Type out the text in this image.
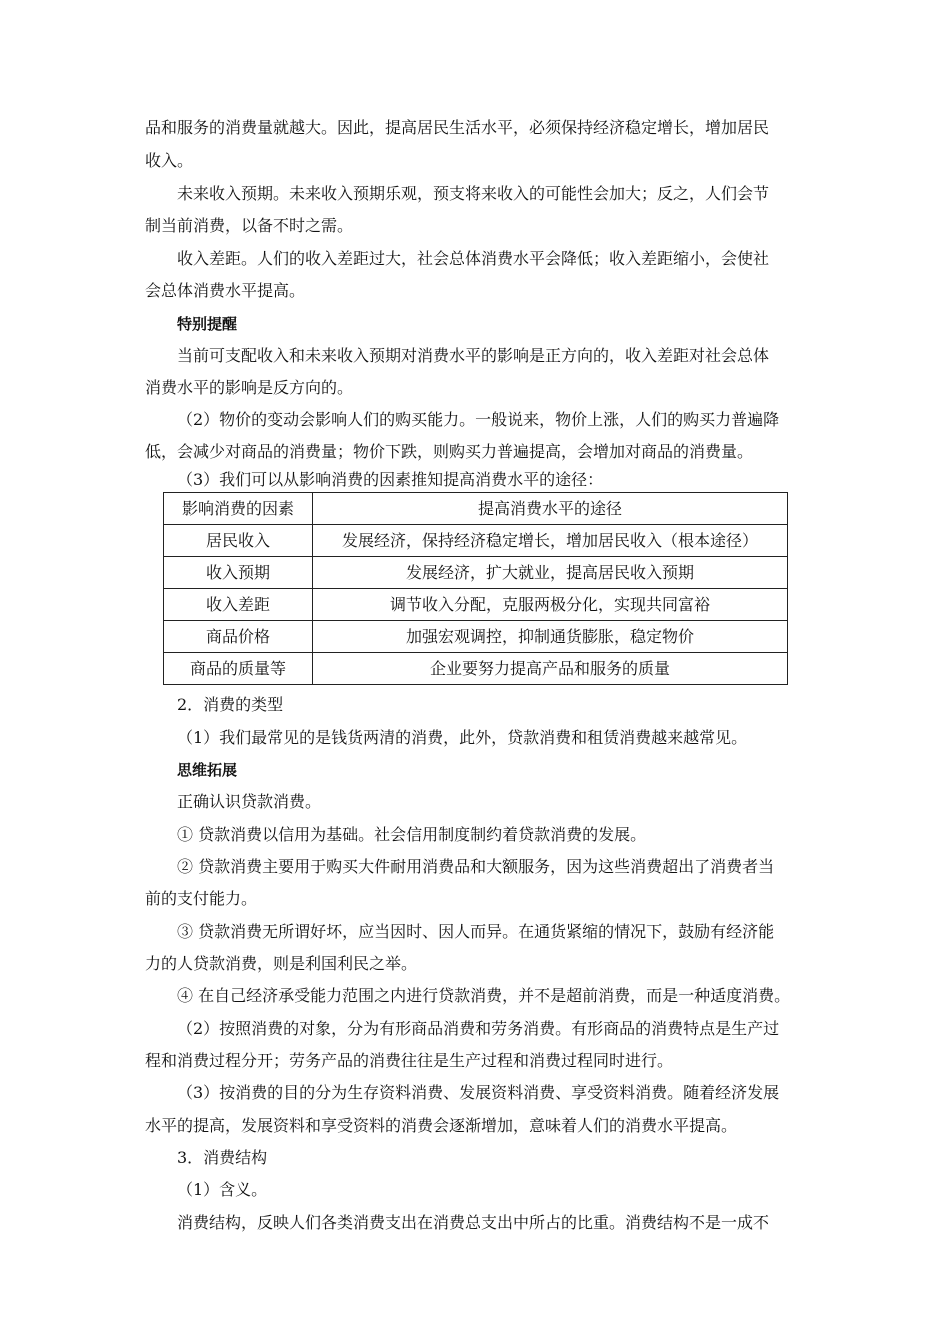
品和服务的消费量就越大。因此，提高居民生活水平，必须保持经济稳定增长，增加居民
收入。
未来收入预期。未来收入预期乐观，预支将来收入的可能性会加大；反之，人们会节
制当前消费，以备不时之需。
收入差距。人们的收入差距过大，社会总体消费水平会降低；收入差距缩小，会使社
会总体消费水平提高。
特别提醒
当前可支配收入和未来收入预期对消费水平的影响是正方向的，收入差距对社会总体
消费水平的影响是反方向的。
（2）物价的变动会影响人们的购买能力。一般说来，物价上涨，人们的购买力普遍降
低，会减少对商品的消费量；物价下跌，则购买力普遍提高，会增加对商品的消费量。
（3）我们可以从影响消费的因素推知提高消费水平的途径：
影响消费的因素	提高消费水平的途径
居民收入	发展经济，保持经济稳定增长，增加居民收入（根本途径）
收入预期	发展经济，扩大就业，提高居民收入预期
收入差距	调节收入分配，克服两极分化，实现共同富裕
商品价格	加强宏观调控，抑制通货膨胀，稳定物价
商品的质量等	企业要努力提高产品和服务的质量
2．消费的类型
（1）我们最常见的是钱货两清的消费，此外，贷款消费和租赁消费越来越常见。
思维拓展
正确认识贷款消费。
① 贷款消费以信用为基础。社会信用制度制约着贷款消费的发展。
② 贷款消费主要用于购买大件耐用消费品和大额服务，因为这些消费超出了消费者当
前的支付能力。
③ 贷款消费无所谓好坏，应当因时、因人而异。在通货紧缩的情况下，鼓励有经济能
力的人贷款消费，则是利国利民之举。
④ 在自己经济承受能力范围之内进行贷款消费，并不是超前消费，而是一种适度消费。
（2）按照消费的对象，分为有形商品消费和劳务消费。有形商品的消费特点是生产过
程和消费过程分开；劳务产品的消费往往是生产过程和消费过程同时进行。
（3）按消费的目的分为生存资料消费、发展资料消费、享受资料消费。随着经济发展
水平的提高，发展资料和享受资料的消费会逐渐增加，意味着人们的消费水平提高。
3．消费结构
（1）含义。
消费结构，反映人们各类消费支出在消费总支出中所占的比重。消费结构不是一成不
